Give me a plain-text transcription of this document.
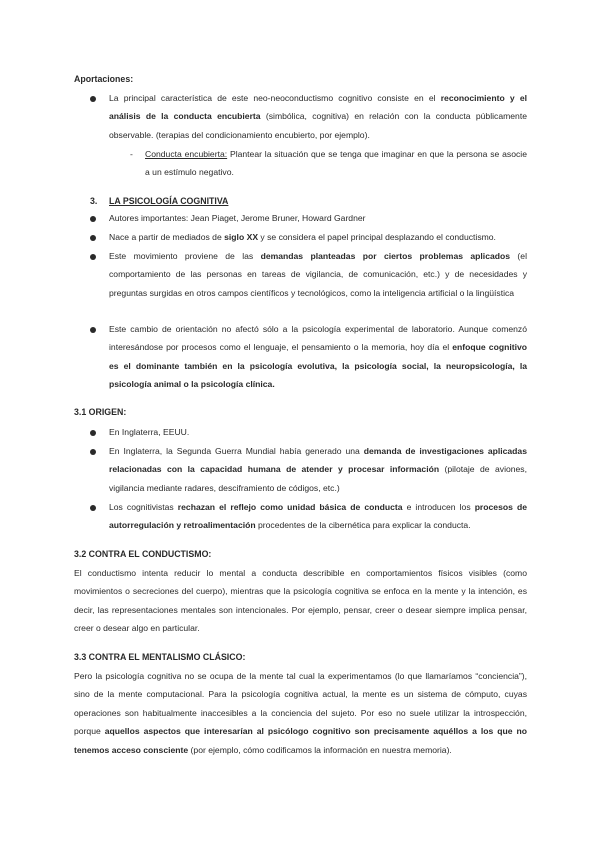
Aportaciones:
La principal característica de este neo-neoconductismo cognitivo consiste en el reconocimiento y el análisis de la conducta encubierta (simbólica, cognitiva) en relación con la conducta públicamente observable. (terapias del condicionamiento encubierto, por ejemplo).
- Conducta encubierta: Plantear la situación que se tenga que imaginar en que la persona se asocie a un estímulo negativo.
3. LA PSICOLOGÍA COGNITIVA
Autores importantes: Jean Piaget, Jerome Bruner, Howard Gardner
Nace a partir de mediados de siglo XX y se considera el papel principal desplazando el conductismo.
Este movimiento proviene de las demandas planteadas por ciertos problemas aplicados (el comportamiento de las personas en tareas de vigilancia, de comunicación, etc.) y de necesidades y preguntas surgidas en otros campos científicos y tecnológicos, como la inteligencia artificial o la lingüística
Este cambio de orientación no afectó sólo a la psicología experimental de laboratorio. Aunque comenzó interesándose por procesos como el lenguaje, el pensamiento o la memoria, hoy día el enfoque cognitivo es el dominante también en la psicología evolutiva, la psicología social, la neuropsicología, la psicología animal o la psicología clínica.
3.1 ORIGEN:
En Inglaterra, EEUU.
En Inglaterra, la Segunda Guerra Mundial había generado una demanda de investigaciones aplicadas relacionadas con la capacidad humana de atender y procesar información (pilotaje de aviones, vigilancia mediante radares, desciframiento de códigos, etc.)
Los cognitivistas rechazan el reflejo como unidad básica de conducta e introducen los procesos de autorregulación y retroalimentación procedentes de la cibernética para explicar la conducta.
3.2 CONTRA EL CONDUCTISMO:
El conductismo intenta reducir lo mental a conducta describible en comportamientos físicos visibles (como movimientos o secreciones del cuerpo), mientras que la psicología cognitiva se enfoca en la mente y la intención, es decir, las representaciones mentales son intencionales. Por ejemplo, pensar, creer o desear siempre implica pensar, creer o desear algo en particular.
3.3 CONTRA EL MENTALISMO CLÁSICO:
Pero la psicología cognitiva no se ocupa de la mente tal cual la experimentamos (lo que llamaríamos “conciencia”), sino de la mente computacional. Para la psicología cognitiva actual, la mente es un sistema de cómputo, cuyas operaciones son habitualmente inaccesibles a la conciencia del sujeto. Por eso no suele utilizar la introspección, porque aquellos aspectos que interesarían al psicólogo cognitivo son precisamente aquéllos a los que no tenemos acceso consciente (por ejemplo, cómo codificamos la información en nuestra memoria).
